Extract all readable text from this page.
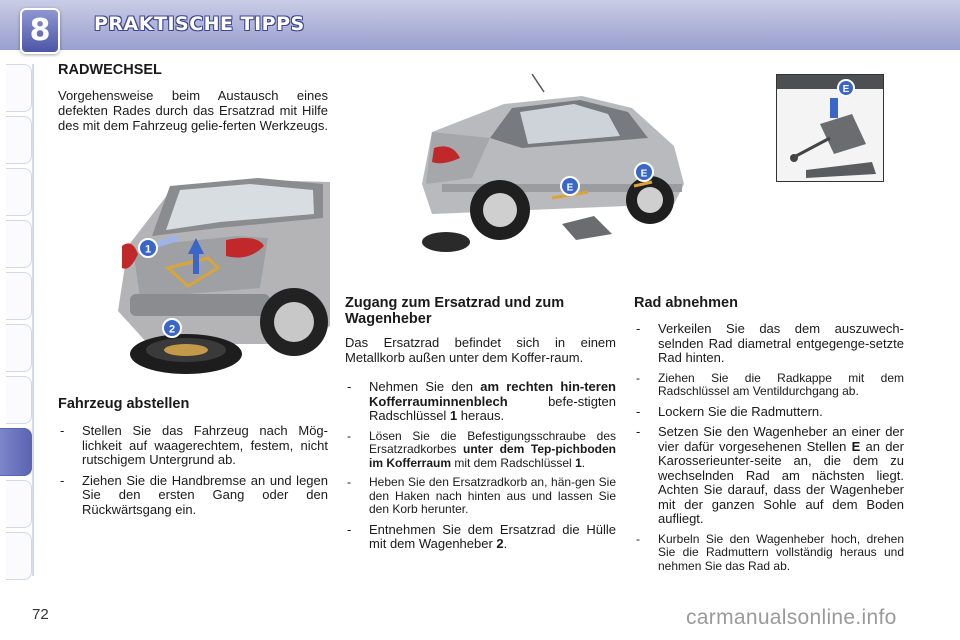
8	PRAKTISCHE TIPPS
RADWECHSEL
Vorgehensweise beim Austausch eines defekten Rades durch das Ersatzrad mit Hilfe des mit dem Fahrzeug gelie-ferten Werkzeugs.
1
2
E
E
E
Fahrzeug abstellen
- Stellen Sie das Fahrzeug nach Mög-lichkeit auf waagerechtem, festem, nicht rutschigem Untergrund ab.
- Ziehen Sie die Handbremse an und legen Sie den ersten Gang oder den Rückwärtsgang ein.
Zugang zum Ersatzrad und zum
Wagenheber
Das Ersatzrad befindet sich in einem Metallkorb außen unter dem Koffer-raum.
- Nehmen Sie den am rechten hin-teren Kofferrauminnenblech befe-stigten Radschlüssel 1 heraus.
- Lösen Sie die Befestigungsschraube des Ersatzradkorbes unter dem Tep-pichboden im Kofferraum mit dem Radschlüssel 1.
- Heben Sie den Ersatzradkorb an, hän-gen Sie den Haken nach hinten aus und lassen Sie den Korb herunter.
- Entnehmen Sie dem Ersatzrad die Hülle mit dem Wagenheber 2.
Rad abnehmen
- Verkeilen Sie das dem auszuwech-selnden Rad diametral entgegenge-setzte Rad hinten.
- Ziehen Sie die Radkappe mit dem Radschlüssel am Ventildurchgang ab.
- Lockern Sie die Radmuttern.
- Setzen Sie den Wagenheber an einer der vier dafür vorgesehenen Stellen E an der Karosserieunter-seite an, die dem zu wechselnden Rad am nächsten liegt. Achten Sie darauf, dass der Wagenheber mit der ganzen Sohle auf dem Boden aufliegt.
- Kurbeln Sie den Wagenheber hoch, drehen Sie die Radmuttern vollständig heraus und nehmen Sie das Rad ab.
72	carmanualsonline.info
